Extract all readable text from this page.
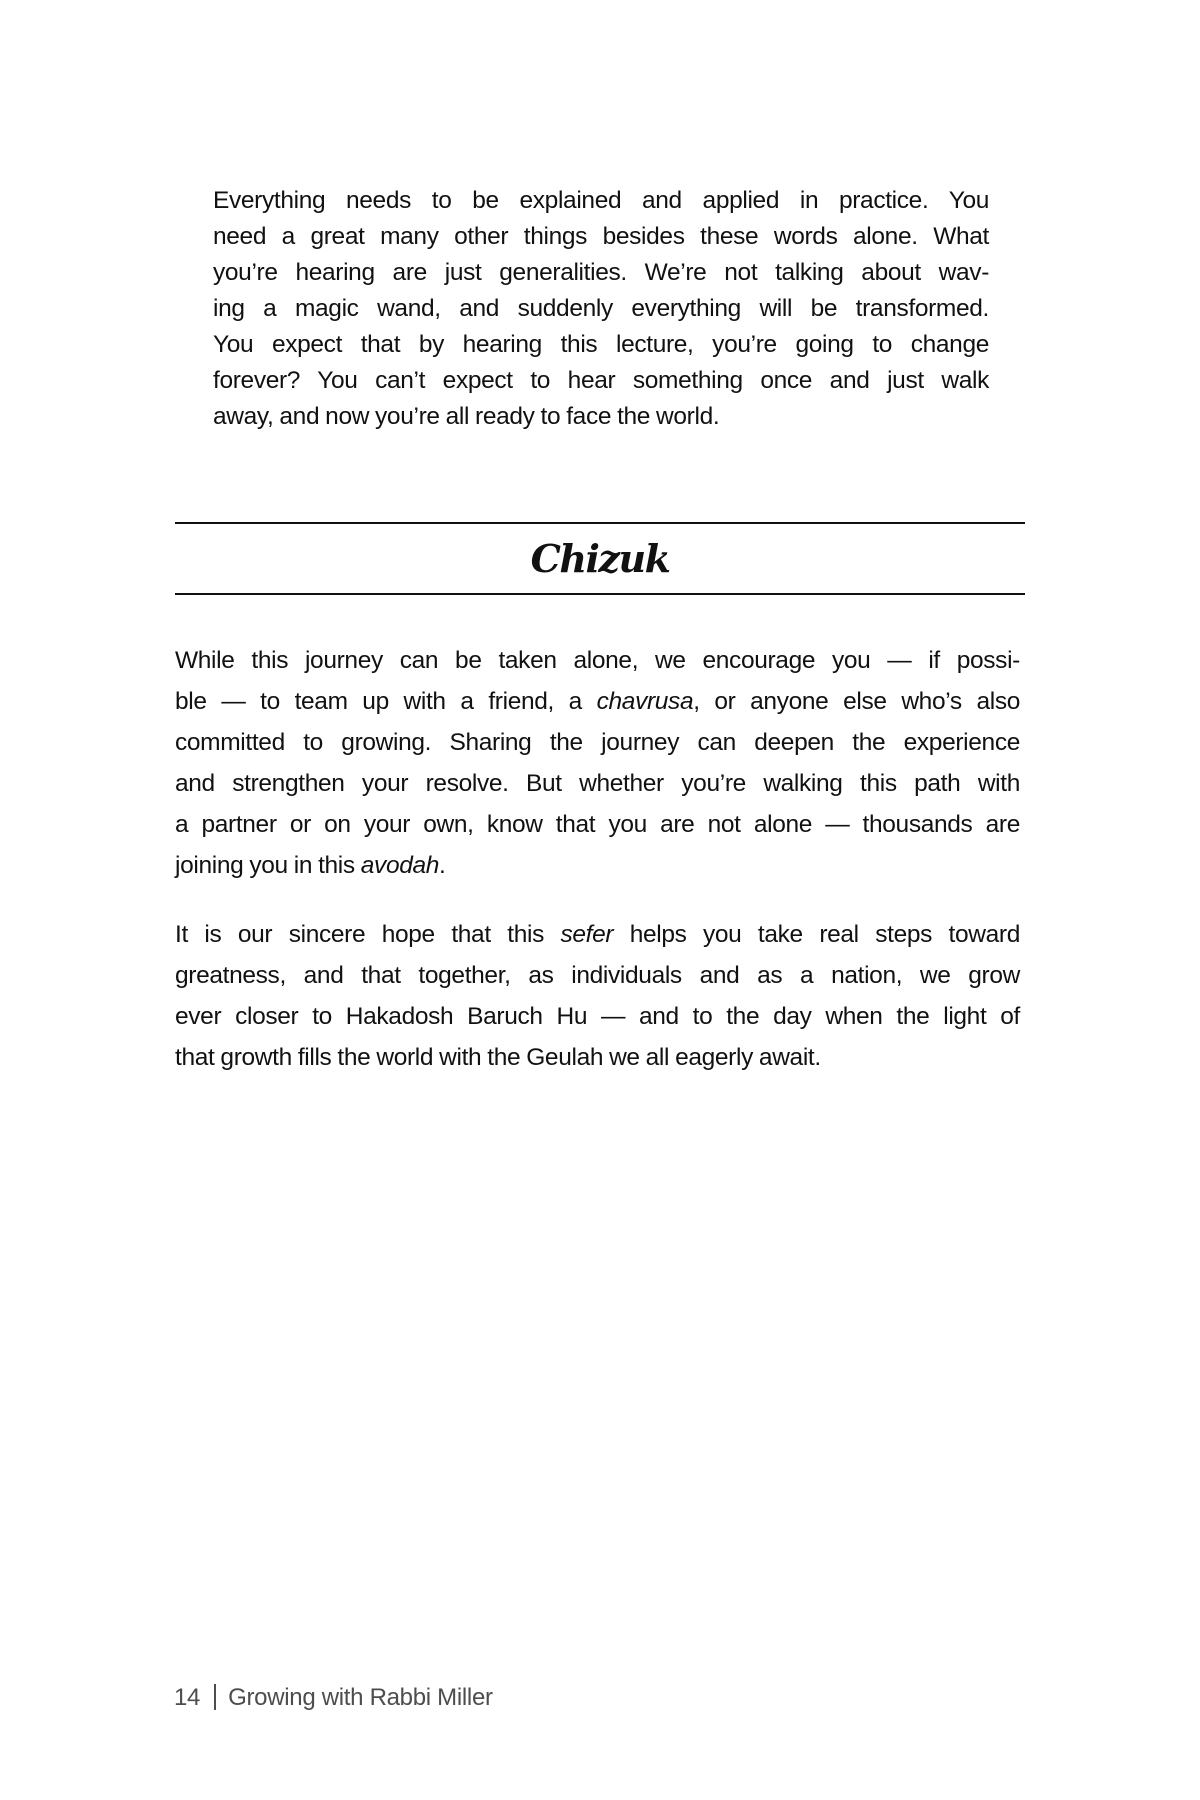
Everything needs to be explained and applied in practice. You
need a great many other things besides these words alone. What
you’re hearing are just generalities. We’re not talking about wav-
ing a magic wand, and suddenly everything will be transformed.
You expect that by hearing this lecture, you’re going to change
forever? You can’t expect to hear something once and just walk
away, and now you’re all ready to face the world.
Chizuk
While this journey can be taken alone, we encourage you — if possi-
ble — to team up with a friend, a chavrusa, or anyone else who’s also
committed to growing. Sharing the journey can deepen the experience
and strengthen your resolve. But whether you’re walking this path with
a partner or on your own, know that you are not alone — thousands are
joining you in this avodah.
It is our sincere hope that this sefer helps you take real steps toward
greatness, and that together, as individuals and as a nation, we grow
ever closer to Hakadosh Baruch Hu — and to the day when the light of
that growth fills the world with the Geulah we all eagerly await.
14 Growing with Rabbi Miller
